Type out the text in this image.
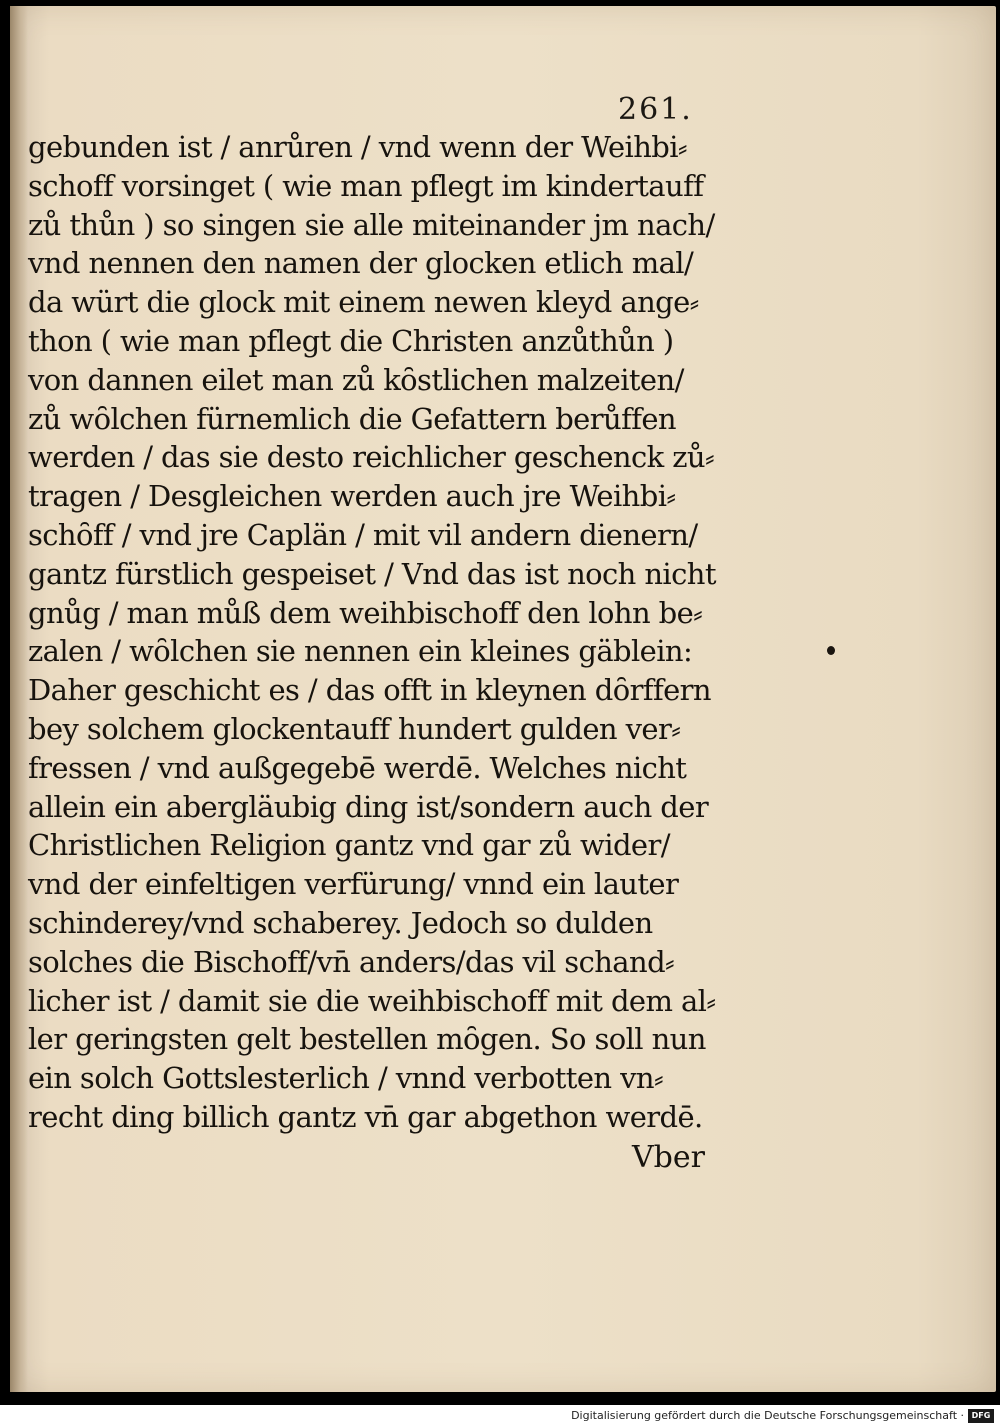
261.
gebunden ist / anrůren / vnd wenn der Weihbi⸗
schoff vorsinget ( wie man pflegt im kindertauff
zů thůn ) so singen sie alle miteinander jm nach/
vnd nennen den namen der glocken etlich mal/
da würt die glock mit einem newen kleyd ange⸗
thon ( wie man pflegt die Christen anzůthůn )
von dannen eilet man zů kȏstlichen malzeiten/
zů wȏlchen fürnemlich die Gefattern berůffen
werden / das sie desto reichlicher geschenck zů⸗
tragen / Desgleichen werden auch jre Weihbi⸗
schȏff / vnd jre Caplän / mit vil andern dienern/
gantz fürstlich gespeiset / Vnd das ist noch nicht
gnůg / man můß dem weihbischoff den lohn be⸗
zalen / wȏlchen sie nennen ein kleines gäblein:
Daher geschicht es / das offt in kleynen dȏrffern
bey solchem glockentauff hundert gulden ver⸗
fressen / vnd außgegebē werdē. Welches nicht
allein ein abergläubig ding ist/sondern auch der
Christlichen Religion gantz vnd gar zů wider/
vnd der einfeltigen verfürung/ vnnd ein lauter
schinderey/vnd schaberey. Jedoch so dulden
solches die Bischoff/vn̄ anders/das vil schand⸗
licher ist / damit sie die weihbischoff mit dem al⸗
ler geringsten gelt bestellen mȏgen. So soll nun
ein solch Gottslesterlich / vnnd verbotten vn⸗
recht ding billich gantz vn̄ gar abgethon werdē.
Vber
Digitalisierung gefördert durch die Deutsche Forschungsgemeinschaft · DFG
